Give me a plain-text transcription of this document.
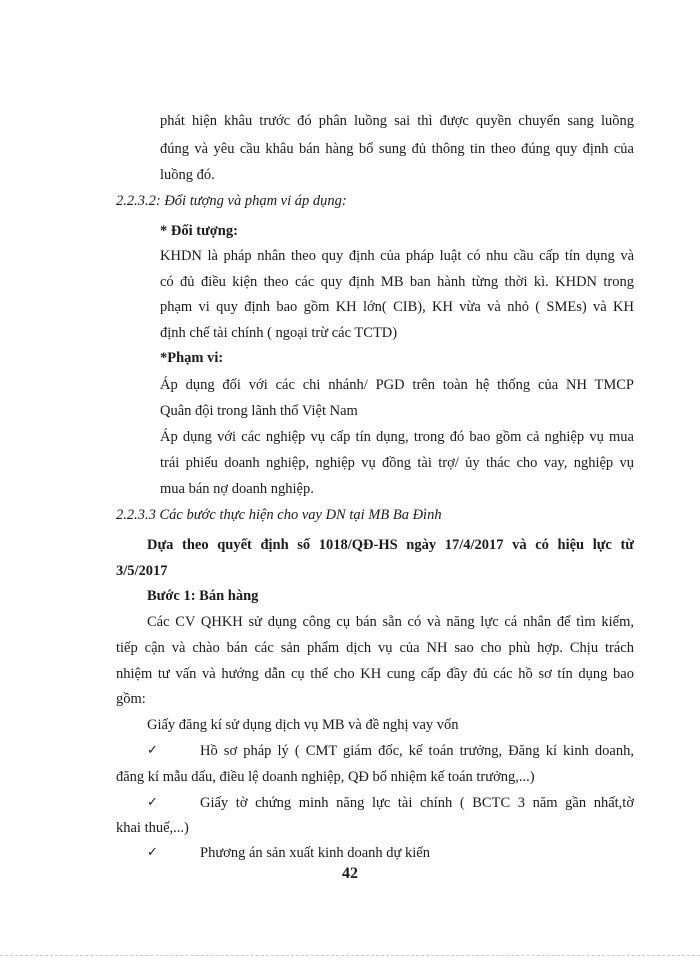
phát hiện khâu trước đó phân luồng sai thì được quyền chuyển sang luồng
đúng và yêu cầu khâu bán hàng bổ sung đủ thông tin theo đúng quy định của
luồng đó.
2.2.3.2: Đối tượng và phạm vi áp dụng:
* Đối tượng:
KHDN là pháp nhân theo quy định của pháp luật có nhu cầu cấp tín dụng và
có đủ điều kiện theo các quy định MB ban hành từng thời kì. KHDN trong
phạm vi quy định bao gồm KH lớn( CIB), KH vừa và nhỏ ( SMEs) và KH
định chế tài chính ( ngoại trừ các TCTD)
*Phạm vi:
Áp dụng đối với các chi nhánh/ PGD trên toàn hệ thống của NH TMCP
Quân đội trong lãnh thổ Việt Nam
Áp dụng với các nghiệp vụ cấp tín dụng, trong đó bao gồm cả nghiệp vụ mua
trái phiếu doanh nghiệp, nghiệp vụ đồng tài trợ/ ủy thác cho vay, nghiệp vụ
mua bán nợ doanh nghiệp.
2.2.3.3 Các bước thực hiện cho vay DN tại MB Ba Đình
Dựa theo quyết định số 1018/QĐ-HS ngày 17/4/2017 và có hiệu lực từ
3/5/2017
Bước 1: Bán hàng
Các CV QHKH sử dụng công cụ bán sẵn có và năng lực cá nhân để tìm kiếm,
tiếp cận và chào bán các sản phẩm dịch vụ của NH sao cho phù hợp. Chịu trách
nhiệm tư vấn và hướng dẫn cụ thể cho KH cung cấp đầy đủ các hồ sơ tín dụng bao
gồm:
Giấy đăng kí sử dụng dịch vụ MB và đề nghị vay vốn
✓	Hồ sơ pháp lý ( CMT giám đốc, kế toán trưởng, Đăng kí kinh doanh,
đăng kí mẫu dấu, điều lệ doanh nghiệp, QĐ bổ nhiệm kế toán trưởng,...)
✓	Giấy tờ chứng minh năng lực tài chính ( BCTC 3 năm gần nhất,tờ
khai thuế,...)
✓	Phương án sản xuất kinh doanh dự kiến
42
